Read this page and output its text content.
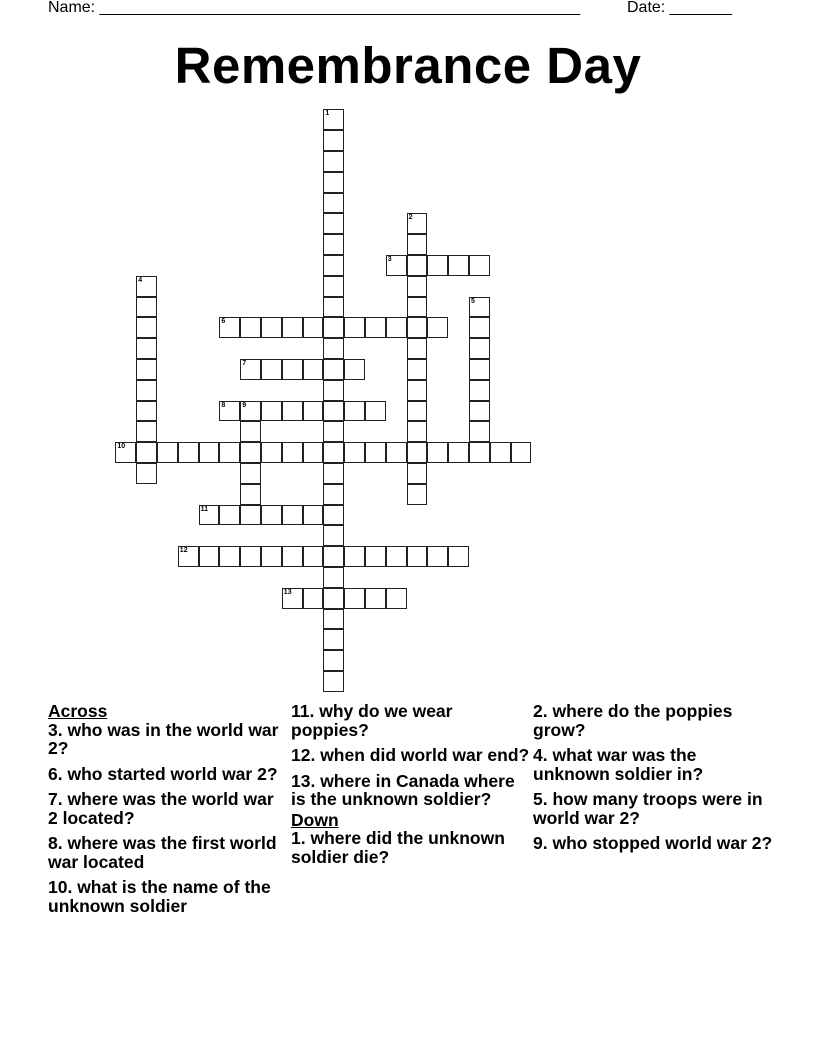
Name: ______________________________________________________	Date: _______
Remembrance Day
1
2
3
4
5
6
7
8 9
10
11
12
13
Across
3. who was in the world war 2?
6. who started world war 2?
7. where was the world war 2 located?
8. where was the first world war located
10. what is the name of the unknown soldier
11. why do we wear poppies?
12. when did world war end?
13. where in Canada where is the unknown soldier?
Down
1. where did the unknown soldier die?
2. where do the poppies grow?
4. what war was the unknown soldier in?
5. how many troops were in world war 2?
9. who stopped world war 2?
